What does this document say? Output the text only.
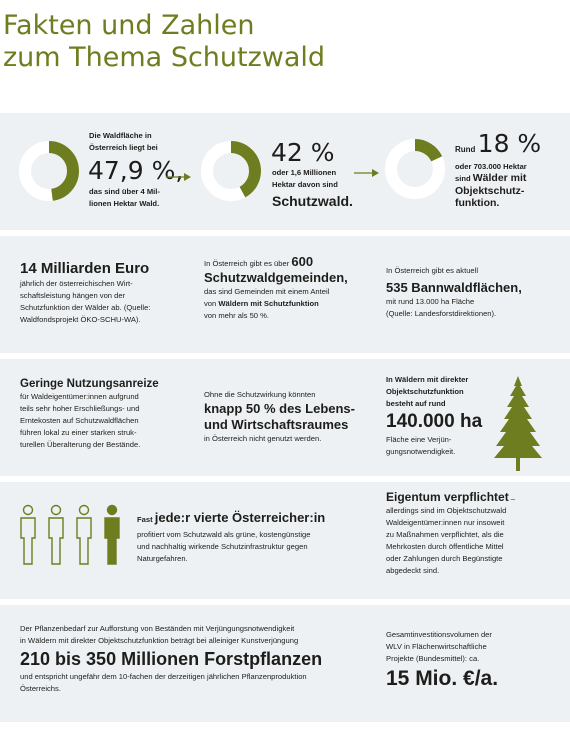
Fakten und Zahlen
zum Thema Schutzwald
Die Waldfläche in
Österreich liegt bei
47,9 %,
das sind über 4 Mil-
lionen Hektar Wald.
42 %
oder 1,6 Millionen
Hektar davon sind
Schutzwald.
Rund 18 %
oder 703.000 Hektar
sind Wälder mit
Objektschutz-
funktion.
14 Milliarden Euro
jährlich der österreichischen Wirt-
schaftsleistung hängen von der
Schutzfunktion der Wälder ab. (Quelle:
Waldfondsprojekt ÖKO-SCHU-WA).
In Österreich gibt es über 600
Schutzwaldgemeinden,
das sind Gemeinden mit einem Anteil
von Wäldern mit Schutzfunktion
von mehr als 50 %.
In Österreich gibt es aktuell
535 Bannwaldflächen,
mit rund 13.000 ha Fläche
(Quelle: Landesforstdirektionen).
Geringe Nutzungsanreize
für Waldeigentümer:innen aufgrund
teils sehr hoher Erschließungs- und
Erntekosten auf Schutzwaldflächen
führen lokal zu einer starken struk-
turellen Überalterung der Bestände.
Ohne die Schutzwirkung könnten
knapp 50 % des Lebens-
und Wirtschaftsraumes
in Österreich nicht genutzt werden.
In Wäldern mit direkter
Objektschutzfunktion
besteht auf rund
140.000 ha
Fläche eine Verjün-
gungsnotwendigkeit.
Fast jede:r vierte Österreicher:in
profitiert vom Schutzwald als grüne, kostengünstige
und nachhaltig wirkende Schutzinfrastruktur gegen
Naturgefahren.
Eigentum verpflichtet –
allerdings sind im Objektschutzwald
Waldeigentümer:innen nur insoweit
zu Maßnahmen verpflichtet, als die
Mehrkosten durch öffentliche Mittel
oder Zahlungen durch Begünstigte
abgedeckt sind.
Der Pflanzenbedarf zur Aufforstung von Beständen mit Verjüngungsnotwendigkeit
in Wäldern mit direkter Objektschutzfunktion beträgt bei alleiniger Kunstverjüngung
210 bis 350 Millionen Forstpflanzen
und entspricht ungefähr dem 10-fachen der derzeitigen jährlichen Pflanzenproduktion
Österreichs.
Gesamtinvestitionsvolumen der
WLV in Flächenwirtschaftliche
Projekte (Bundesmittel): ca.
15 Mio. €/a.
